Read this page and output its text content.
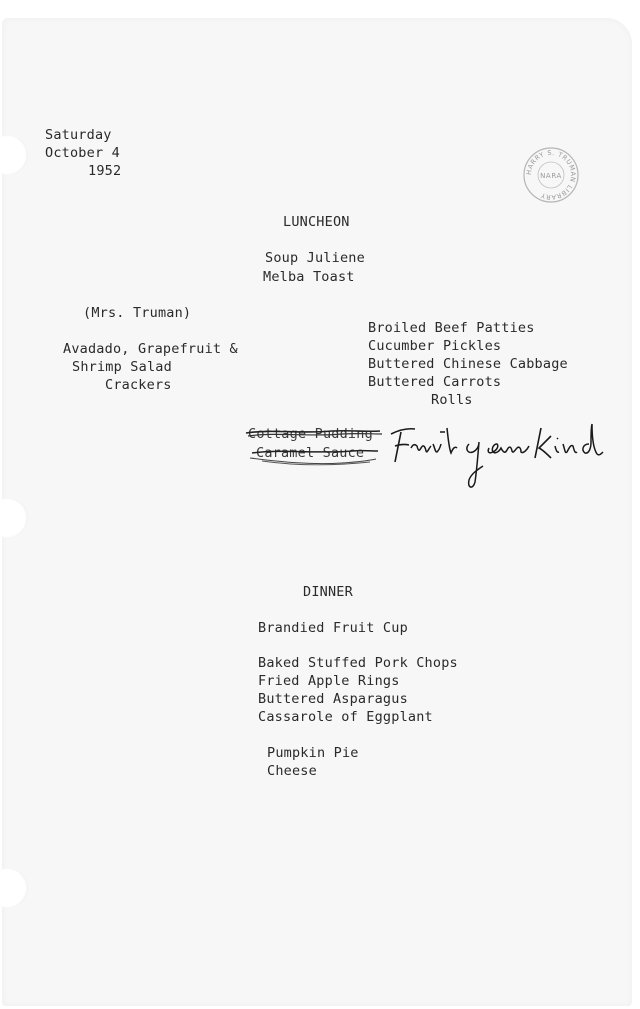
Saturday
October 4
1952	HARRY S. TRUMAN LIBRARY
NARA
LUNCHEON
Soup Juliene
Melba Toast
(Mrs. Truman)
Avadado, Grapefruit &
Shrimp Salad
Crackers
Broiled Beef Patties
Cucumber Pickles
Buttered Chinese Cabbage
Buttered Carrots
Rolls
Cottage Pudding
Caramel Sauce
Fruit of some kind
DINNER
Brandied Fruit Cup
Baked Stuffed Pork Chops
Fried Apple Rings
Buttered Asparagus
Cassarole of Eggplant
Pumpkin Pie
Cheese
